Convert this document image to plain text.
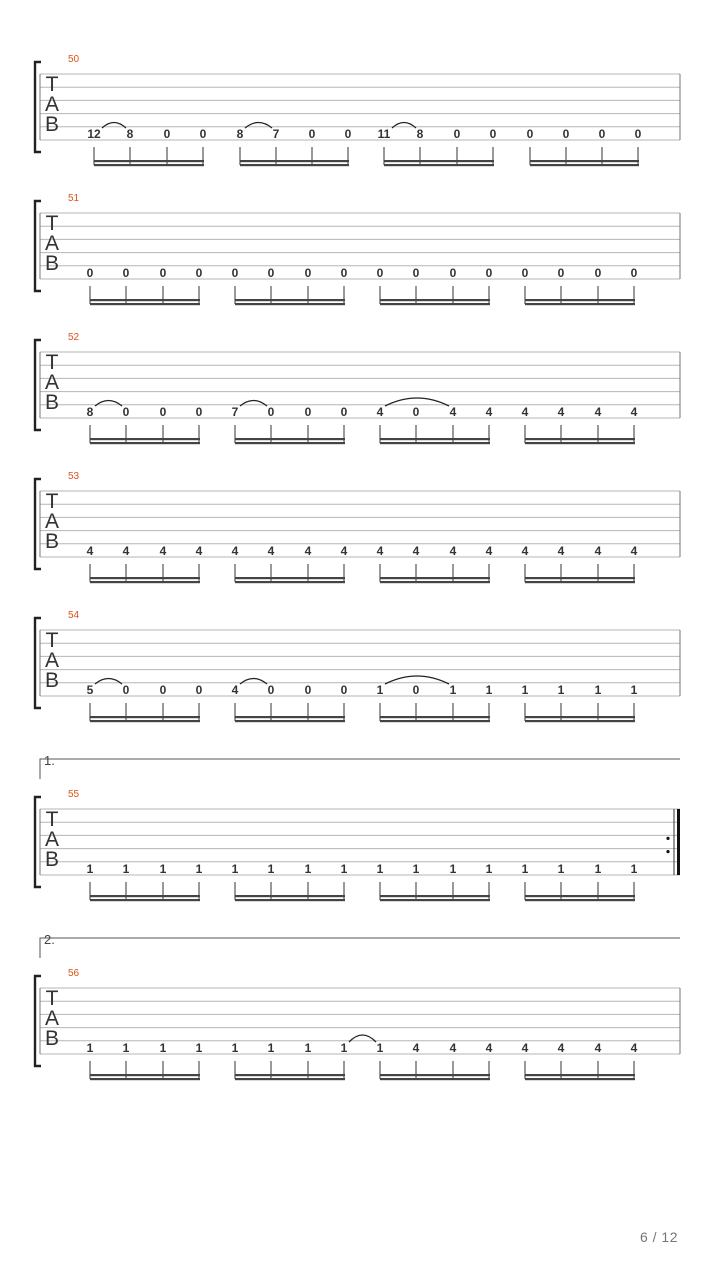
50
T
A
B 12 8	0 0	8 7 0 0 11 8	0 0	0 0 0 0
51
T
A
B 0 0	0 0 0 0	0 0 0 0	0 0 0 0	0 0
52
T
A
B 8 0	0 0 7 0	0 0 4 0	4 4 4 4	4 4
53
T
A
B 4 4	4 4 4 4	4 4 4 4	4 4 4 4	4 4
54
T
A
B 5 0	0 0 4 0	0 0 1 0	1 1 1 1	1 1
1.
55
T
A
B 1 1	1 1 1 1	1 1 1 1	1 1 1 1	1 1
2.
56
T
A
B 1 1	1 1 1 1	1 1 1 4	4 4 4 4	4 4
6 / 12
